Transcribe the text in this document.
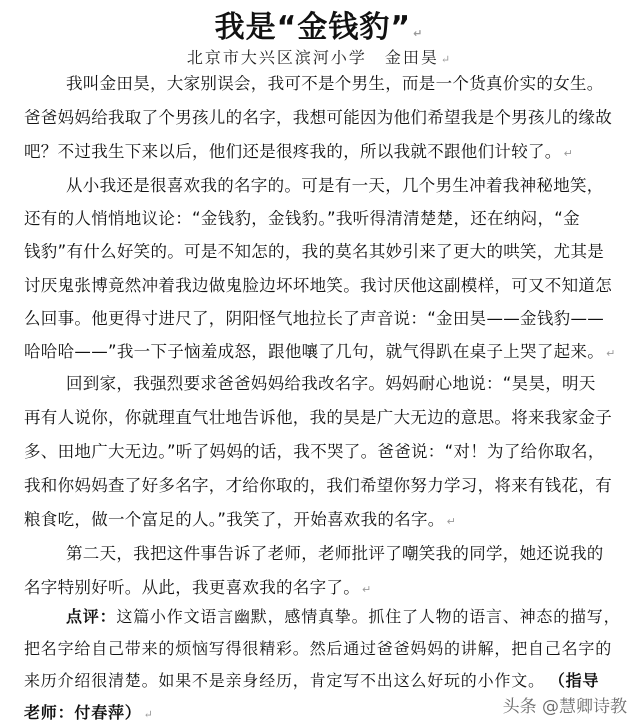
我是“金钱豹” ↵
北京市大兴区滨河小学　金田昊 ↵
我叫金田昊，大家别误会，我可不是个男生，而是一个货真价实的女生。
爸爸妈妈给我取了个男孩儿的名字，我想可能因为他们希望我是个男孩儿的缘故
吧？不过我生下来以后，他们还是很疼我的，所以我就不跟他们计较了。 ↵
从小我还是很喜欢我的名字的。可是有一天，几个男生冲着我神秘地笑，
还有的人悄悄地议论：“金钱豹，金钱豹。”我听得清清楚楚，还在纳闷，“金
钱豹”有什么好笑的。可是不知怎的，我的莫名其妙引来了更大的哄笑，尤其是
讨厌鬼张博竟然冲着我边做鬼脸边坏坏地笑。我讨厌他这副模样，可又不知道怎
么回事。他更得寸进尺了，阴阳怪气地拉长了声音说：“金田昊——金钱豹——
哈哈哈——”我一下子恼羞成怒，跟他嚷了几句，就气得趴在桌子上哭了起来。 ↵
回到家，我强烈要求爸爸妈妈给我改名字。妈妈耐心地说：“昊昊，明天
再有人说你，你就理直气壮地告诉他，我的昊是广大无边的意思。将来我家金子
多、田地广大无边。”听了妈妈的话，我不哭了。爸爸说：“对！为了给你取名，
我和你妈妈查了好多名字，才给你取的，我们希望你努力学习，将来有钱花，有
粮食吃，做一个富足的人。”我笑了，开始喜欢我的名字。 ↵
第二天，我把这件事告诉了老师，老师批评了嘲笑我的同学，她还说我的
名字特别好听。从此，我更喜欢我的名字了。 ↵
点评：这篇小作文语言幽默，感情真挚。抓住了人物的语言、神态的描写，
把名字给自己带来的烦恼写得很精彩。然后通过爸爸妈妈的讲解，把自己名字的
来历介绍很清楚。如果不是亲身经历，肯定写不出这么好玩的小作文。 （指导
老师：付春萍） ↵	头条 @慧卿诗教
